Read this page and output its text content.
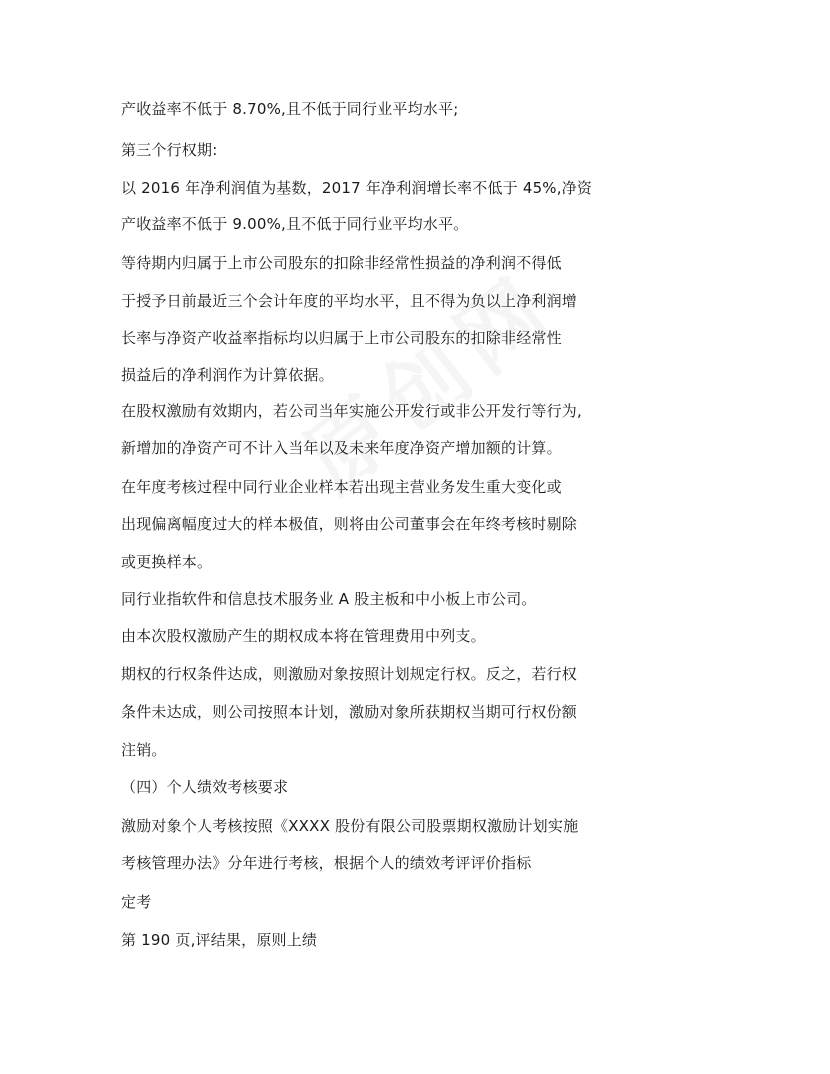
产收益率不低于 8.70%,且不低于同行业平均水平;
第三个行权期:
以 2016 年净利润值为基数，2017 年净利润增长率不低于 45%,净资
产收益率不低于 9.00%,且不低于同行业平均水平。
等待期内归属于上市公司股东的扣除非经常性损益的净利润不得低
于授予日前最近三个会计年度的平均水平，且不得为负以上净利润增
长率与净资产收益率指标均以归属于上市公司股东的扣除非经常性
损益后的净利润作为计算依据。
在股权激励有效期内，若公司当年实施公开发行或非公开发行等行为,
新增加的净资产可不计入当年以及未来年度净资产增加额的计算。
在年度考核过程中同行业企业样本若出现主营业务发生重大变化或
出现偏离幅度过大的样本极值，则将由公司董事会在年终考核时剔除
或更换样本。
同行业指软件和信息技术服务业 A 股主板和中小板上市公司。
由本次股权激励产生的期权成本将在管理费用中列支。
期权的行权条件达成，则激励对象按照计划规定行权。反之，若行权
条件未达成，则公司按照本计划，激励对象所获期权当期可行权份额
注销。
（四）个人绩效考核要求
激励对象个人考核按照《XXXX 股份有限公司股票期权激励计划实施
考核管理办法》分年进行考核，根据个人的绩效考评评价指标
定考
第 190 页,评结果，原则上绩
